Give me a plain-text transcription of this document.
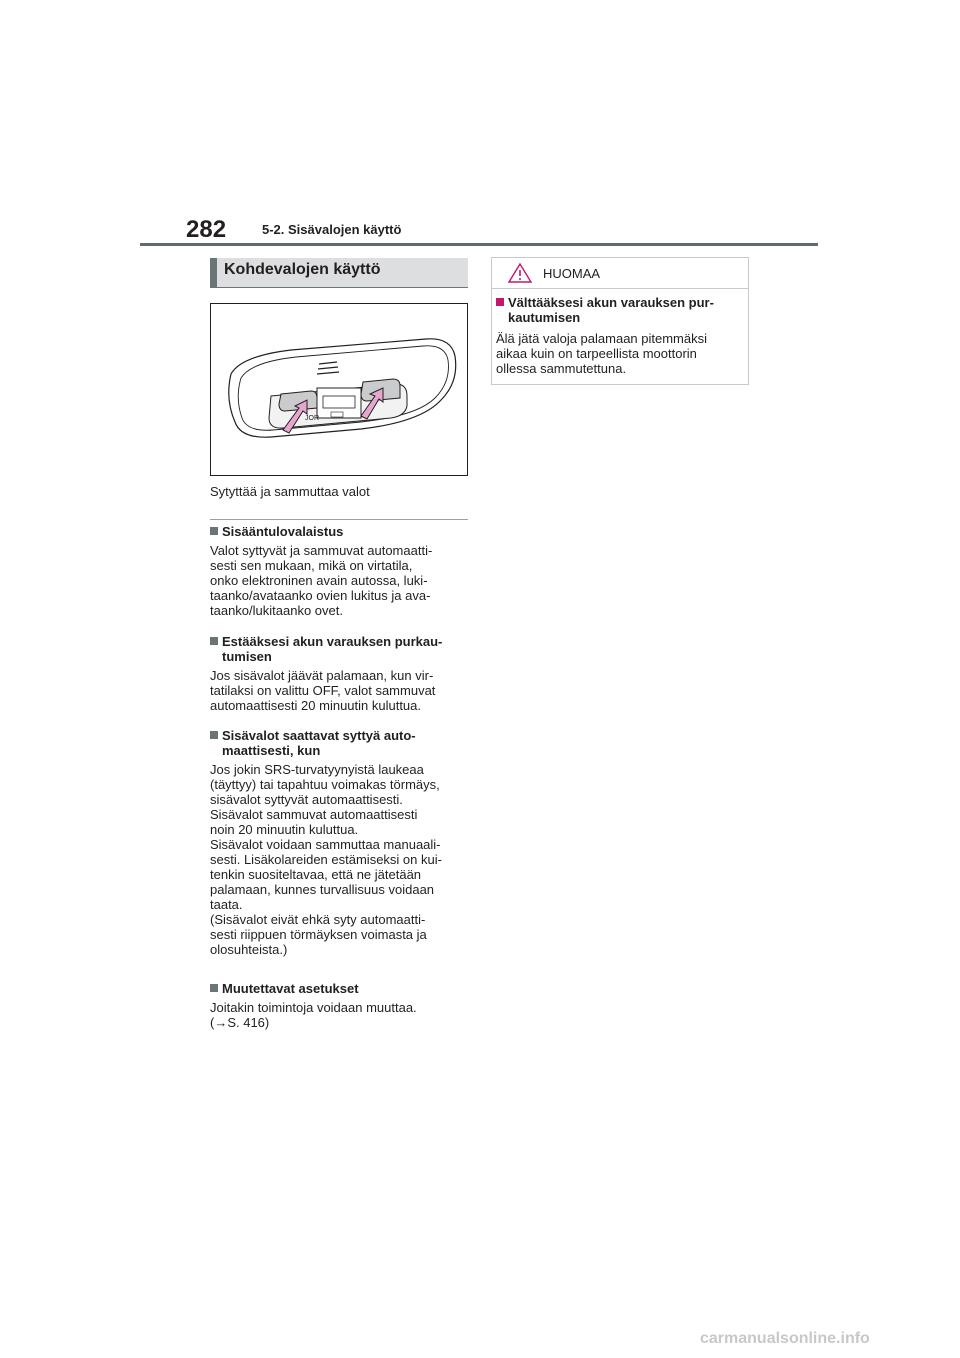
282	5-2. Sisävalojen käyttö
Kohdevalojen käyttö
JOR
Sytyttää ja sammuttaa valot
Sisääntulovalaistus
Valot syttyvät ja sammuvat automaatti-
sesti sen mukaan, mikä on virtatila,
onko elektroninen avain autossa, luki-
taanko/avataanko ovien lukitus ja ava-
taanko/lukitaanko ovet.
Estääksesi akun varauksen purkau-
tumisen
Jos sisävalot jäävät palamaan, kun vir-
tatilaksi on valittu OFF, valot sammuvat
automaattisesti 20 minuutin kuluttua.
Sisävalot saattavat syttyä auto-
maattisesti, kun
Jos jokin SRS-turvatyynyistä laukeaa
(täyttyy) tai tapahtuu voimakas törmäys,
sisävalot syttyvät automaattisesti.
Sisävalot sammuvat automaattisesti
noin 20 minuutin kuluttua.
Sisävalot voidaan sammuttaa manuaali-
sesti. Lisäkolareiden estämiseksi on kui-
tenkin suositeltavaa, että ne jätetään
palamaan, kunnes turvallisuus voidaan
taata.
(Sisävalot eivät ehkä syty automaatti-
sesti riippuen törmäyksen voimasta ja
olosuhteista.)
Muutettavat asetukset
Joitakin toimintoja voidaan muuttaa.
(→S. 416)
HUOMAA
Välttääksesi akun varauksen pur-
kautumisen
Älä jätä valoja palamaan pitemmäksi
aikaa kuin on tarpeellista moottorin
ollessa sammutettuna.
carmanualsonline.info
